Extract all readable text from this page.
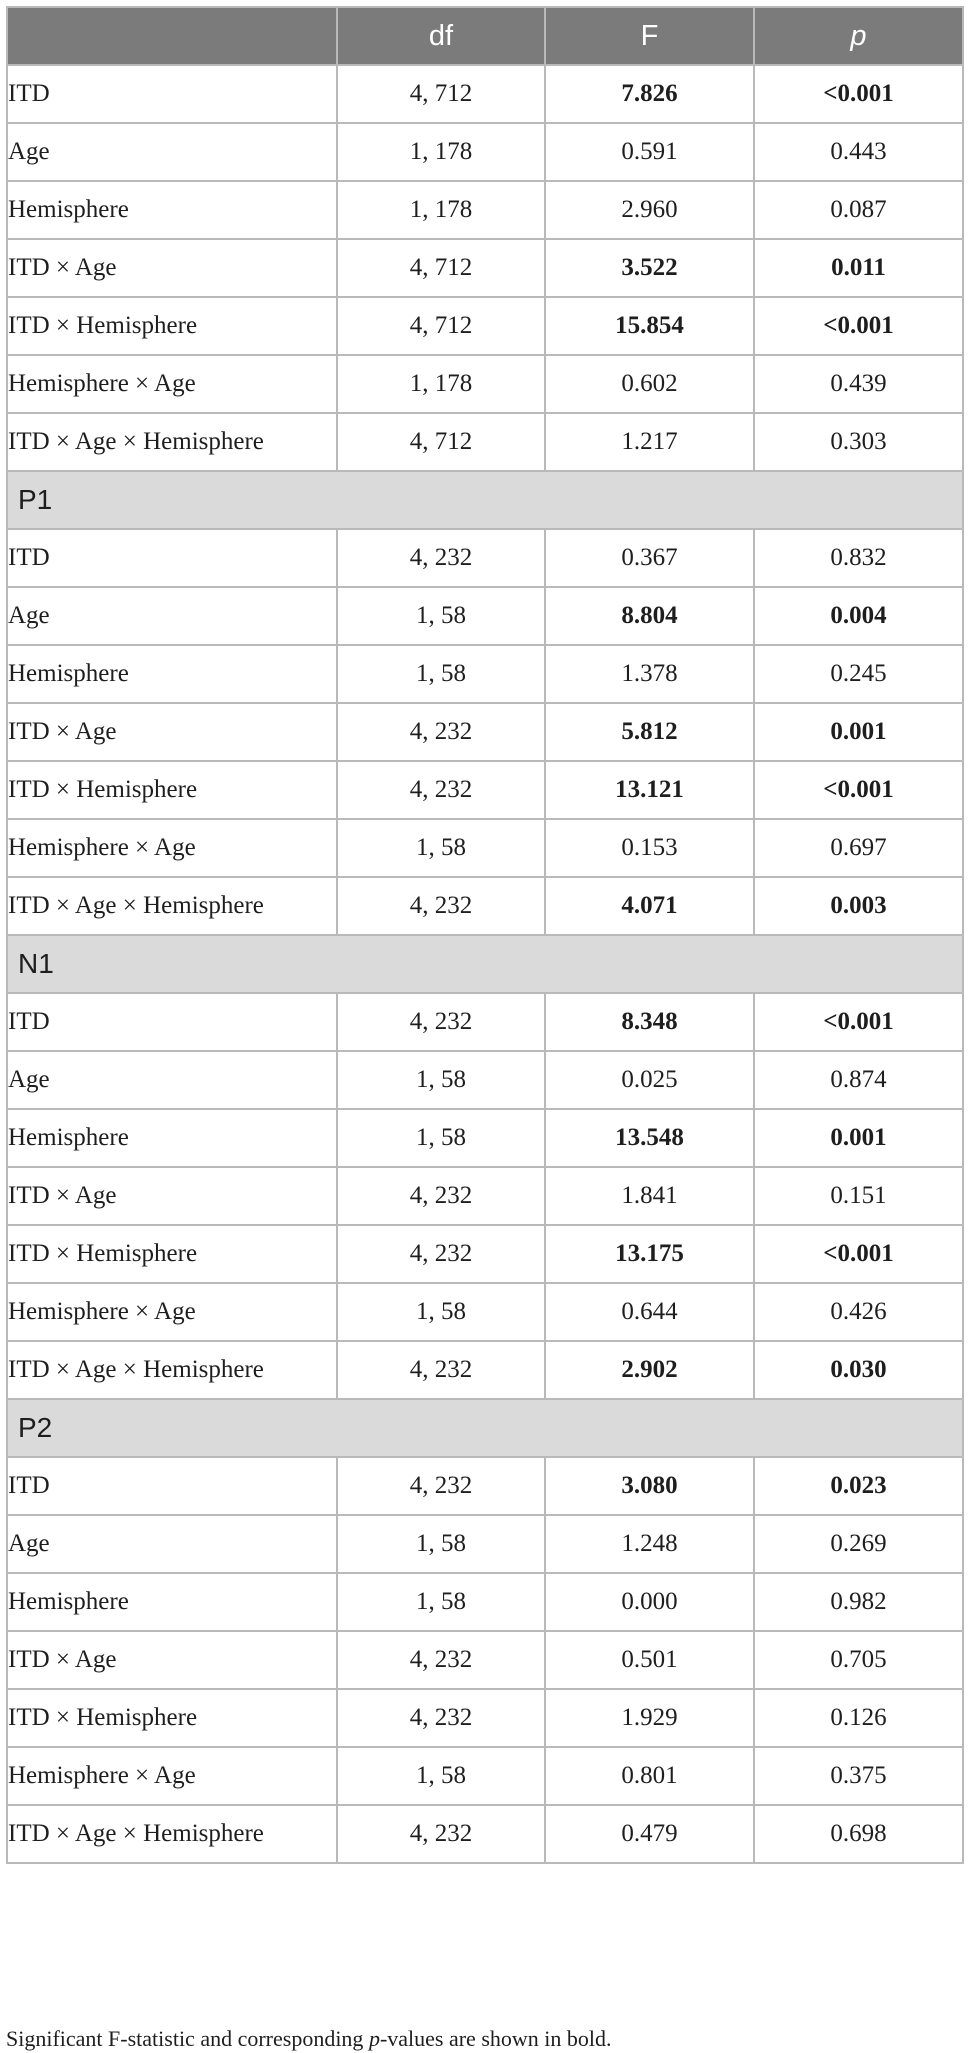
	df	F	p
ITD	4, 712	7.826	<0.001
Age	1, 178	0.591	0.443
Hemisphere	1, 178	2.960	0.087
ITD × Age	4, 712	3.522	0.011
ITD × Hemisphere	4, 712	15.854	<0.001
Hemisphere × Age	1, 178	0.602	0.439
ITD × Age × Hemisphere	4, 712	1.217	0.303
P1			
ITD	4, 232	0.367	0.832
Age	1, 58	8.804	0.004
Hemisphere	1, 58	1.378	0.245
ITD × Age	4, 232	5.812	0.001
ITD × Hemisphere	4, 232	13.121	<0.001
Hemisphere × Age	1, 58	0.153	0.697
ITD × Age × Hemisphere	4, 232	4.071	0.003
N1			
ITD	4, 232	8.348	<0.001
Age	1, 58	0.025	0.874
Hemisphere	1, 58	13.548	0.001
ITD × Age	4, 232	1.841	0.151
ITD × Hemisphere	4, 232	13.175	<0.001
Hemisphere × Age	1, 58	0.644	0.426
ITD × Age × Hemisphere	4, 232	2.902	0.030
P2			
ITD	4, 232	3.080	0.023
Age	1, 58	1.248	0.269
Hemisphere	1, 58	0.000	0.982
ITD × Age	4, 232	0.501	0.705
ITD × Hemisphere	4, 232	1.929	0.126
Hemisphere × Age	1, 58	0.801	0.375
ITD × Age × Hemisphere	4, 232	0.479	0.698
Significant F-statistic and corresponding p-values are shown in bold.
